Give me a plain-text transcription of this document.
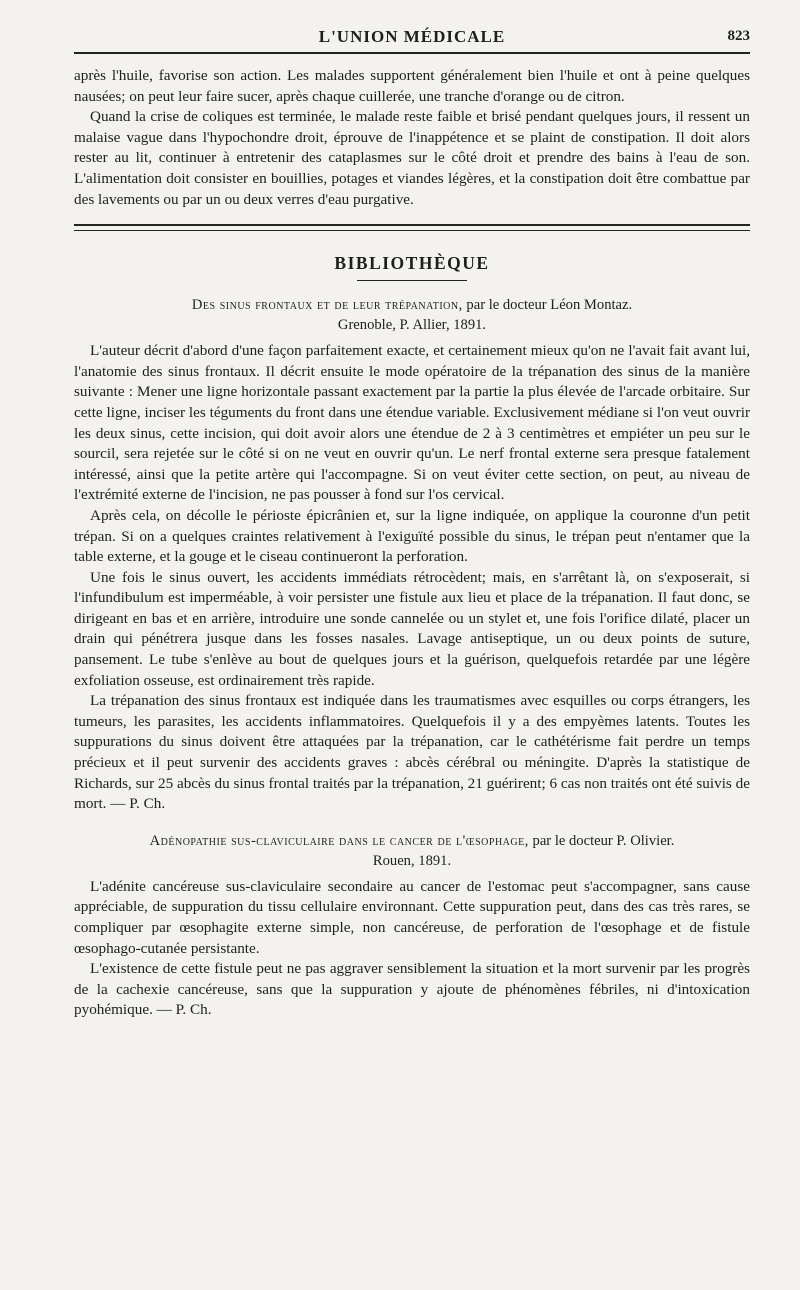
L'UNION MÉDICALE	823

après l'huile, favorise son action. Les malades supportent généralement bien l'huile et ont à peine quelques nausées; on peut leur faire sucer, après chaque cuillerée, une tranche d'orange ou de citron.

Quand la crise de coliques est terminée, le malade reste faible et brisé pendant quelques jours, il ressent un malaise vague dans l'hypochondre droit, éprouve de l'inappétence et se plaint de constipation. Il doit alors rester au lit, continuer à entretenir des cataplasmes sur le côté droit et prendre des bains à l'eau de son. L'alimentation doit consister en bouillies, potages et viandes légères, et la constipation doit être combattue par des lavements ou par un ou deux verres d'eau purgative.

BIBLIOTHÈQUE
Des sinus frontaux et de leur trépanation, par le docteur Léon Montaz.
Grenoble, P. Allier, 1891.

L'auteur décrit d'abord d'une façon parfaitement exacte, et certainement mieux qu'on ne l'avait fait avant lui, l'anatomie des sinus frontaux. Il décrit ensuite le mode opératoire de la trépanation des sinus de la manière suivante : Mener une ligne horizontale passant exactement par la partie la plus élevée de l'arcade orbitaire. Sur cette ligne, inciser les téguments du front dans une étendue variable. Exclusivement médiane si l'on veut ouvrir les deux sinus, cette incision, qui doit avoir alors une étendue de 2 à 3 centimètres et empiéter un peu sur le sourcil, sera rejetée sur le côté si on ne veut en ouvrir qu'un. Le nerf frontal externe sera presque fatalement intéressé, ainsi que la petite artère qui l'accompagne. Si on veut éviter cette section, on peut, au niveau de l'extrémité externe de l'incision, ne pas pousser à fond sur l'os cervical.

Après cela, on décolle le périoste épicrânien et, sur la ligne indiquée, on applique la couronne d'un petit trépan. Si on a quelques craintes relativement à l'exiguïté possible du sinus, le trépan peut n'entamer que la table externe, et la gouge et le ciseau continueront la perforation.

Une fois le sinus ouvert, les accidents immédiats rétrocèdent; mais, en s'arrêtant là, on s'exposerait, si l'infundibulum est imperméable, à voir persister une fistule aux lieu et place de la trépanation. Il faut donc, se dirigeant en bas et en arrière, introduire une sonde cannelée ou un stylet et, une fois l'orifice dilaté, placer un drain qui pénétrera jusque dans les fosses nasales. Lavage antiseptique, un ou deux points de suture, pansement. Le tube s'enlève au bout de quelques jours et la guérison, quelquefois retardée par une légère exfoliation osseuse, est ordinairement très rapide.

La trépanation des sinus frontaux est indiquée dans les traumatismes avec esquilles ou corps étrangers, les tumeurs, les parasites, les accidents inflammatoires. Quelquefois il y a des empyèmes latents. Toutes les suppurations du sinus doivent être attaquées par la trépanation, car le cathétérisme fait perdre un temps précieux et il peut survenir des accidents graves : abcès cérébral ou méningite. D'après la statistique de Richards, sur 25 abcès du sinus frontal traités par la trépanation, 21 guérirent; 6 cas non traités ont été suivis de mort. — P. Ch.

Adénopathie sus-claviculaire dans le cancer de l'œsophage, par le docteur P. Olivier.
Rouen, 1891.

L'adénite cancéreuse sus-claviculaire secondaire au cancer de l'estomac peut s'accompagner, sans cause appréciable, de suppuration du tissu cellulaire environnant. Cette suppuration peut, dans des cas très rares, se compliquer par œsophagite externe simple, non cancéreuse, de perforation de l'œsophage et de fistule œsophago-cutanée persistante.

L'existence de cette fistule peut ne pas aggraver sensiblement la situation et la mort survenir par les progrès de la cachexie cancéreuse, sans que la suppuration y ajoute de phénomènes fébriles, ni d'intoxication pyohémique. — P. Ch.
